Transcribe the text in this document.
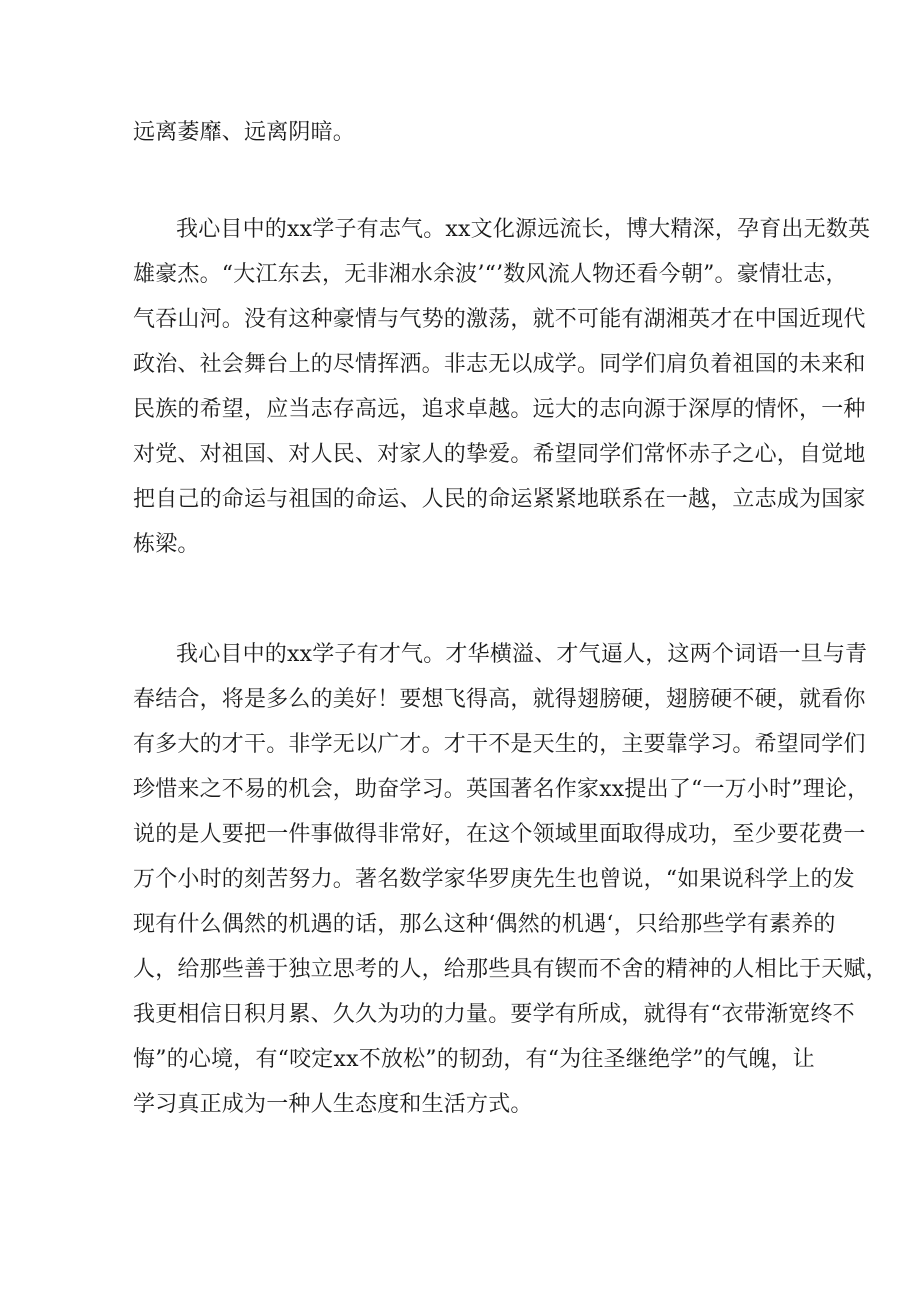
远离萎靡、远离阴暗。

我心目中的xx学子有志气。xx文化源远流长，博大精深，孕育出无数英

雄豪杰。“大江东去，无非湘水余波’“’数风流人物还看今朝”。豪情壮志，

气吞山河。没有这种豪情与气势的激荡，就不可能有湖湘英才在中国近现代

政治、社会舞台上的尽情挥洒。非志无以成学。同学们肩负着祖国的未来和

民族的希望，应当志存高远，追求卓越。远大的志向源于深厚的情怀，一种

对党、对祖国、对人民、对家人的挚爱。希望同学们常怀赤子之心，自觉地

把自己的命运与祖国的命运、人民的命运紧紧地联系在一越，立志成为国家

栋梁。

我心目中的xx学子有才气。才华横溢、才气逼人，这两个词语一旦与青

春结合，将是多么的美好！要想飞得高，就得翅膀硬，翅膀硬不硬，就看你

有多大的才干。非学无以广才。才干不是天生的，主要靠学习。希望同学们

珍惜来之不易的机会，助奋学习。英国著名作家xx提出了“一万小时”理论，

说的是人要把一件事做得非常好，在这个领域里面取得成功，至少要花费一

万个小时的刻苦努力。著名数学家华罗庚先生也曾说，“如果说科学上的发

现有什么偶然的机遇的话，那么这种‘偶然的机遇‘，只给那些学有素养的

人，给那些善于独立思考的人，给那些具有锲而不舍的精神的人相比于天赋，

我更相信日积月累、久久为功的力量。要学有所成，就得有“衣带渐宽终不

悔”的心境，有“咬定xx不放松”的韧劲，有“为往圣继绝学”的气魄，让

学习真正成为一种人生态度和生活方式。
